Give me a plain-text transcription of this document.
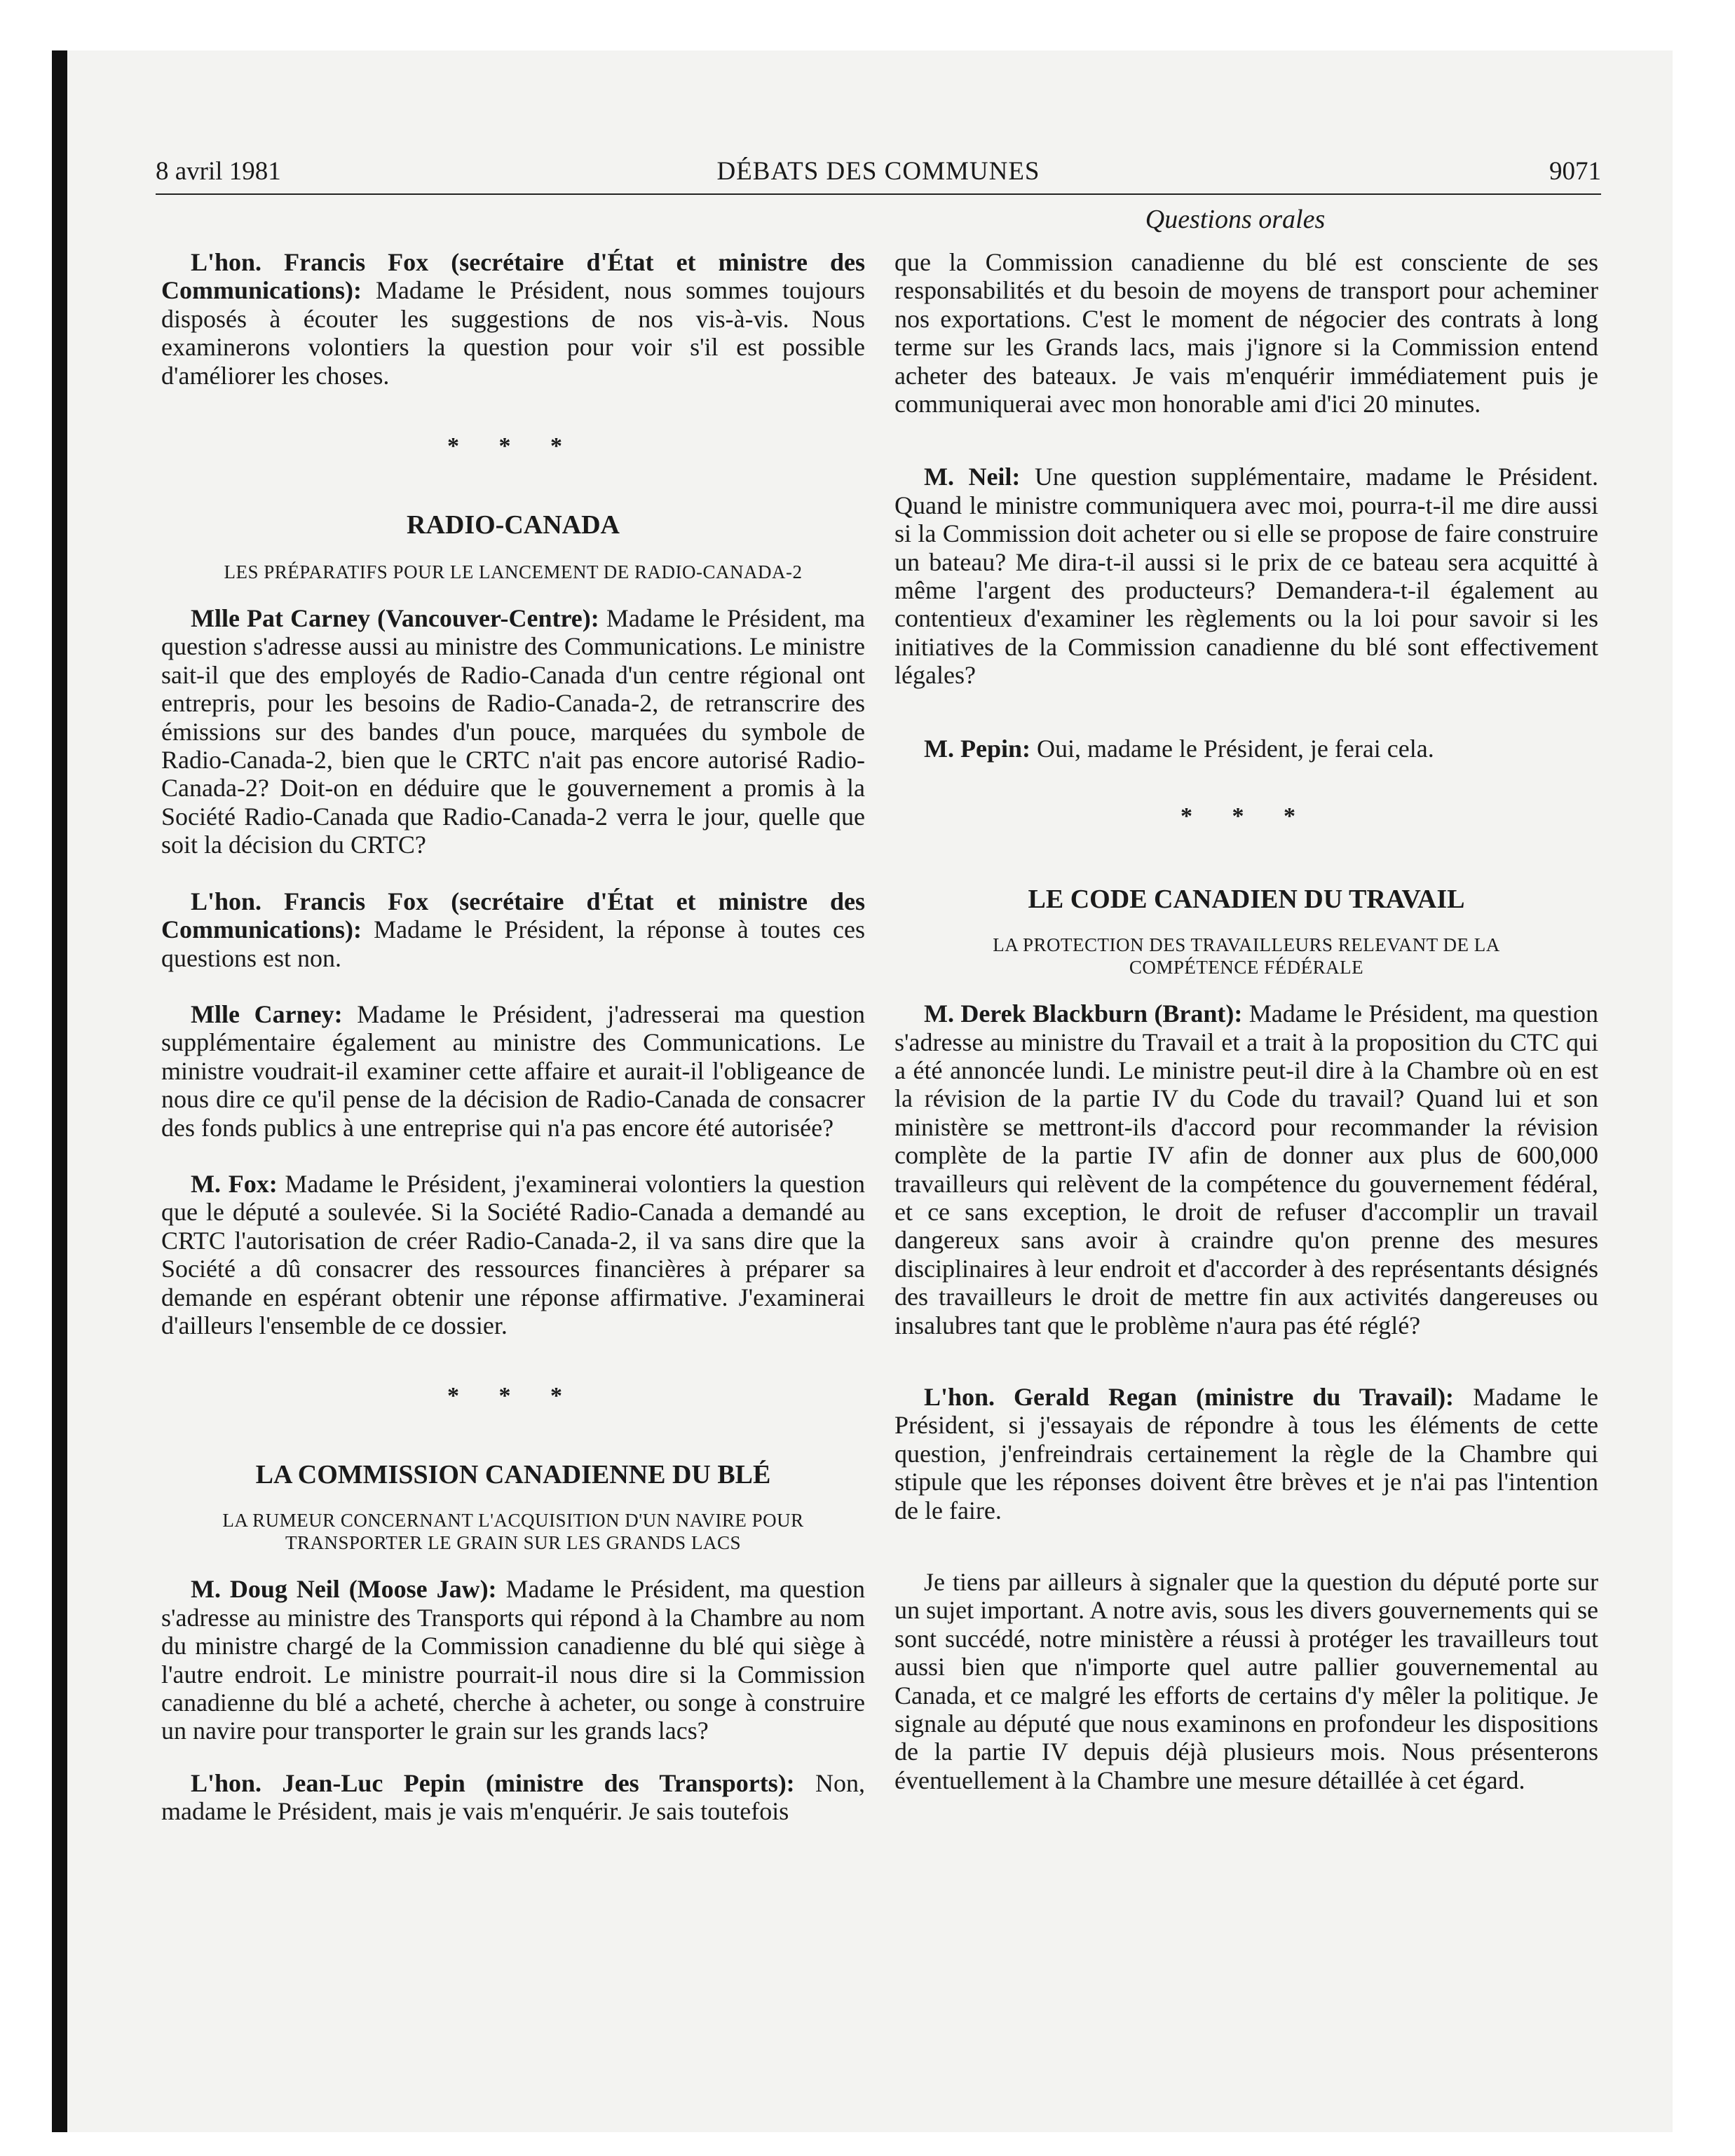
8 avril 1981	DÉBATS DES COMMUNES	9071
Questions orales

L'hon. Francis Fox (secrétaire d'État et ministre des Communications): Madame le Président, nous sommes toujours disposés à écouter les suggestions de nos vis-à-vis. Nous examinerons volontiers la question pour voir s'il est possible d'améliorer les choses.

* * *
RADIO-CANADA
LES PRÉPARATIFS POUR LE LANCEMENT DE RADIO-CANADA-2

Mlle Pat Carney (Vancouver-Centre): Madame le Président, ma question s'adresse aussi au ministre des Communications. Le ministre sait-il que des employés de Radio-Canada d'un centre régional ont entrepris, pour les besoins de Radio-Canada-2, de retranscrire des émissions sur des bandes d'un pouce, marquées du symbole de Radio-Canada-2, bien que le CRTC n'ait pas encore autorisé Radio-Canada-2? Doit-on en déduire que le gouvernement a promis à la Société Radio-Canada que Radio-Canada-2 verra le jour, quelle que soit la décision du CRTC?

L'hon. Francis Fox (secrétaire d'État et ministre des Communications): Madame le Président, la réponse à toutes ces questions est non.

Mlle Carney: Madame le Président, j'adresserai ma question supplémentaire également au ministre des Communications. Le ministre voudrait-il examiner cette affaire et aurait-il l'obligeance de nous dire ce qu'il pense de la décision de Radio-Canada de consacrer des fonds publics à une entreprise qui n'a pas encore été autorisée?

M. Fox: Madame le Président, j'examinerai volontiers la question que le député a soulevée. Si la Société Radio-Canada a demandé au CRTC l'autorisation de créer Radio-Canada-2, il va sans dire que la Société a dû consacrer des ressources financières à préparer sa demande en espérant obtenir une réponse affirmative. J'examinerai d'ailleurs l'ensemble de ce dossier.

* * *
LA COMMISSION CANADIENNE DU BLÉ
LA RUMEUR CONCERNANT L'ACQUISITION D'UN NAVIRE POUR TRANSPORTER LE GRAIN SUR LES GRANDS LACS

M. Doug Neil (Moose Jaw): Madame le Président, ma question s'adresse au ministre des Transports qui répond à la Chambre au nom du ministre chargé de la Commission canadienne du blé qui siège à l'autre endroit. Le ministre pourrait-il nous dire si la Commission canadienne du blé a acheté, cherche à acheter, ou songe à construire un navire pour transporter le grain sur les grands lacs?

L'hon. Jean-Luc Pepin (ministre des Transports): Non, madame le Président, mais je vais m'enquérir. Je sais toutefois

que la Commission canadienne du blé est consciente de ses responsabilités et du besoin de moyens de transport pour acheminer nos exportations. C'est le moment de négocier des contrats à long terme sur les Grands lacs, mais j'ignore si la Commission entend acheter des bateaux. Je vais m'enquérir immédiatement puis je communiquerai avec mon honorable ami d'ici 20 minutes.

M. Neil: Une question supplémentaire, madame le Président. Quand le ministre communiquera avec moi, pourra-t-il me dire aussi si la Commission doit acheter ou si elle se propose de faire construire un bateau? Me dira-t-il aussi si le prix de ce bateau sera acquitté à même l'argent des producteurs? Demandera-t-il également au contentieux d'examiner les règlements ou la loi pour savoir si les initiatives de la Commission canadienne du blé sont effectivement légales?

M. Pepin: Oui, madame le Président, je ferai cela.

* * *
LE CODE CANADIEN DU TRAVAIL
LA PROTECTION DES TRAVAILLEURS RELEVANT DE LA COMPÉTENCE FÉDÉRALE

M. Derek Blackburn (Brant): Madame le Président, ma question s'adresse au ministre du Travail et a trait à la proposition du CTC qui a été annoncée lundi. Le ministre peut-il dire à la Chambre où en est la révision de la partie IV du Code du travail? Quand lui et son ministère se mettront-ils d'accord pour recommander la révision complète de la partie IV afin de donner aux plus de 600,000 travailleurs qui relèvent de la compétence du gouvernement fédéral, et ce sans exception, le droit de refuser d'accomplir un travail dangereux sans avoir à craindre qu'on prenne des mesures disciplinaires à leur endroit et d'accorder à des représentants désignés des travailleurs le droit de mettre fin aux activités dangereuses ou insalubres tant que le problème n'aura pas été réglé?

L'hon. Gerald Regan (ministre du Travail): Madame le Président, si j'essayais de répondre à tous les éléments de cette question, j'enfreindrais certainement la règle de la Chambre qui stipule que les réponses doivent être brèves et je n'ai pas l'intention de le faire.

Je tiens par ailleurs à signaler que la question du député porte sur un sujet important. A notre avis, sous les divers gouvernements qui se sont succédé, notre ministère a réussi à protéger les travailleurs tout aussi bien que n'importe quel autre pallier gouvernemental au Canada, et ce malgré les efforts de certains d'y mêler la politique. Je signale au député que nous examinons en profondeur les dispositions de la partie IV depuis déjà plusieurs mois. Nous présenterons éventuellement à la Chambre une mesure détaillée à cet égard.
